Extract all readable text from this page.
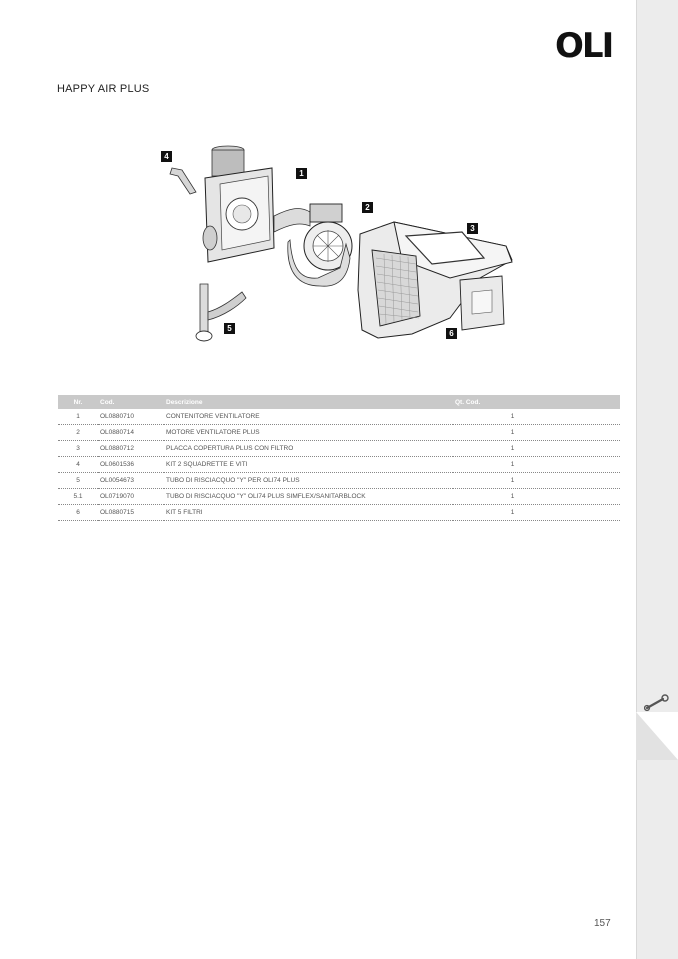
OLI
HAPPY AIR PLUS
4
1
2
3
5
6
Nr.	Cod.	Descrizione	Qt. Cod.
1	OL0880710	CONTENITORE VENTILATORE	1
2	OL0880714	MOTORE VENTILATORE PLUS	1
3	OL0880712	PLACCA COPERTURA PLUS CON FILTRO	1
4	OL0601536	KIT 2 SQUADRETTE E VITI	1
5	OL0054673	TUBO DI RISCIACQUO "Y" PER OLI74 PLUS	1
5.1	OL0719070	TUBO DI RISCIACQUO "Y" OLI74 PLUS SIMFLEX/SANITARBLOCK	1
6	OL0880715	KIT 5 FILTRI	1
157
